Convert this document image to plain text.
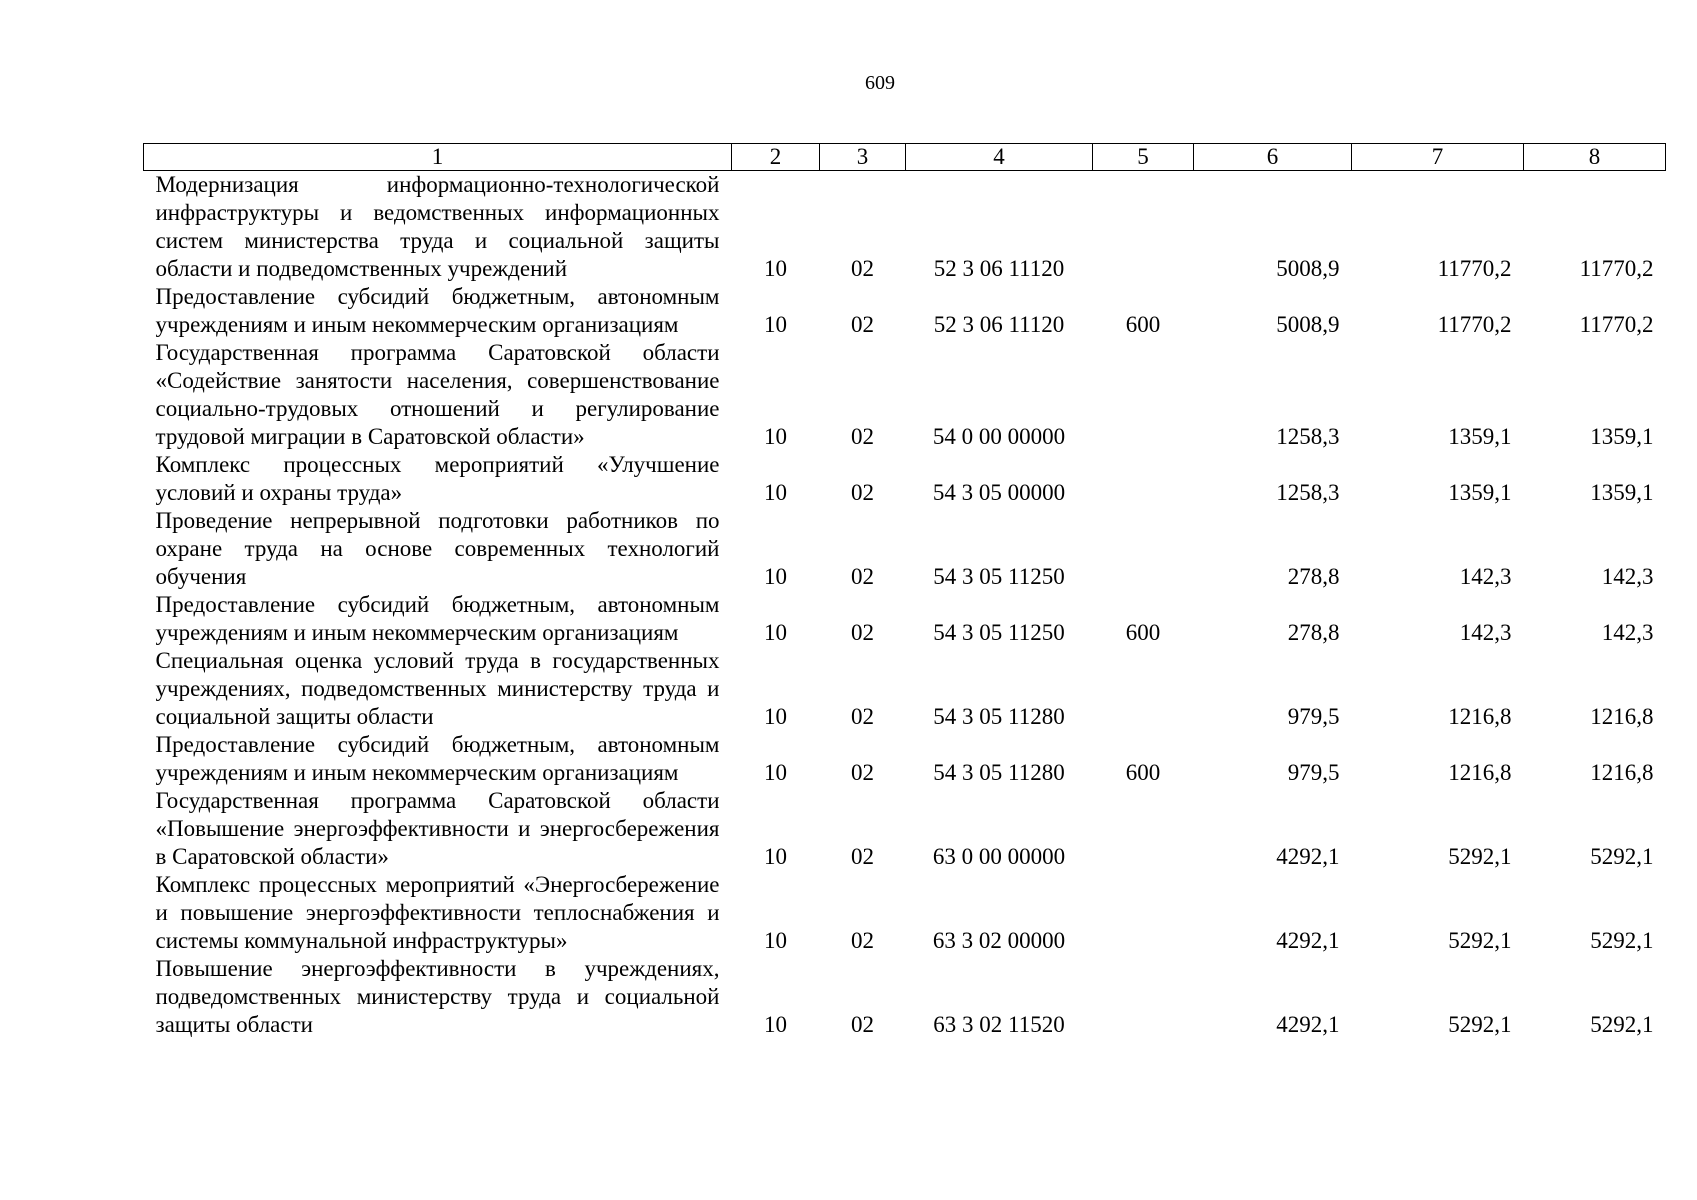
609
1	2	3	4	5	6	7	8
Модернизация информационно-технологической инфраструктуры и ведомственных информационных систем министерства труда и социальной защиты области и подведомственных учреждений	10	02	52 3 06 11120		5008,9	11770,2	11770,2
Предоставление субсидий бюджетным, автономным учреждениям и иным некоммерческим организациям	10	02	52 3 06 11120	600	5008,9	11770,2	11770,2
Государственная программа Саратовской области «Содействие занятости населения, совершенствование социально-трудовых отношений и регулирование трудовой миграции в Саратовской области»	10	02	54 0 00 00000		1258,3	1359,1	1359,1
Комплекс процессных мероприятий «Улучшение условий и охраны труда»	10	02	54 3 05 00000		1258,3	1359,1	1359,1
Проведение непрерывной подготовки работников по охране труда на основе современных технологий обучения	10	02	54 3 05 11250		278,8	142,3	142,3
Предоставление субсидий бюджетным, автономным учреждениям и иным некоммерческим организациям	10	02	54 3 05 11250	600	278,8	142,3	142,3
Специальная оценка условий труда в государственных учреждениях, подведомственных министерству труда и социальной защиты области	10	02	54 3 05 11280		979,5	1216,8	1216,8
Предоставление субсидий бюджетным, автономным учреждениям и иным некоммерческим организациям	10	02	54 3 05 11280	600	979,5	1216,8	1216,8
Государственная программа Саратовской области «Повышение энергоэффективности и энергосбережения в Саратовской области»	10	02	63 0 00 00000		4292,1	5292,1	5292,1
Комплекс процессных мероприятий «Энергосбережение и повышение энергоэффективности теплоснабжения и системы коммунальной инфраструктуры»	10	02	63 3 02 00000		4292,1	5292,1	5292,1
Повышение энергоэффективности в учреждениях, подведомственных министерству труда и социальной защиты области	10	02	63 3 02 11520		4292,1	5292,1	5292,1
